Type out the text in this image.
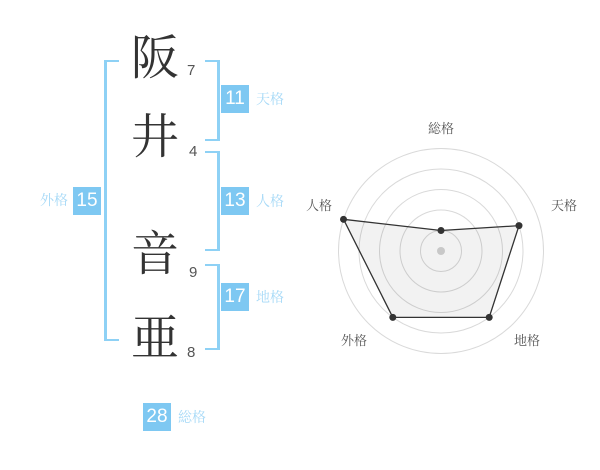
阪
井
音
亜
7
4
9
8
11 天格
13 人格
17 地格
外格 15
28 総格
総格
天格
地格
外格
人格
